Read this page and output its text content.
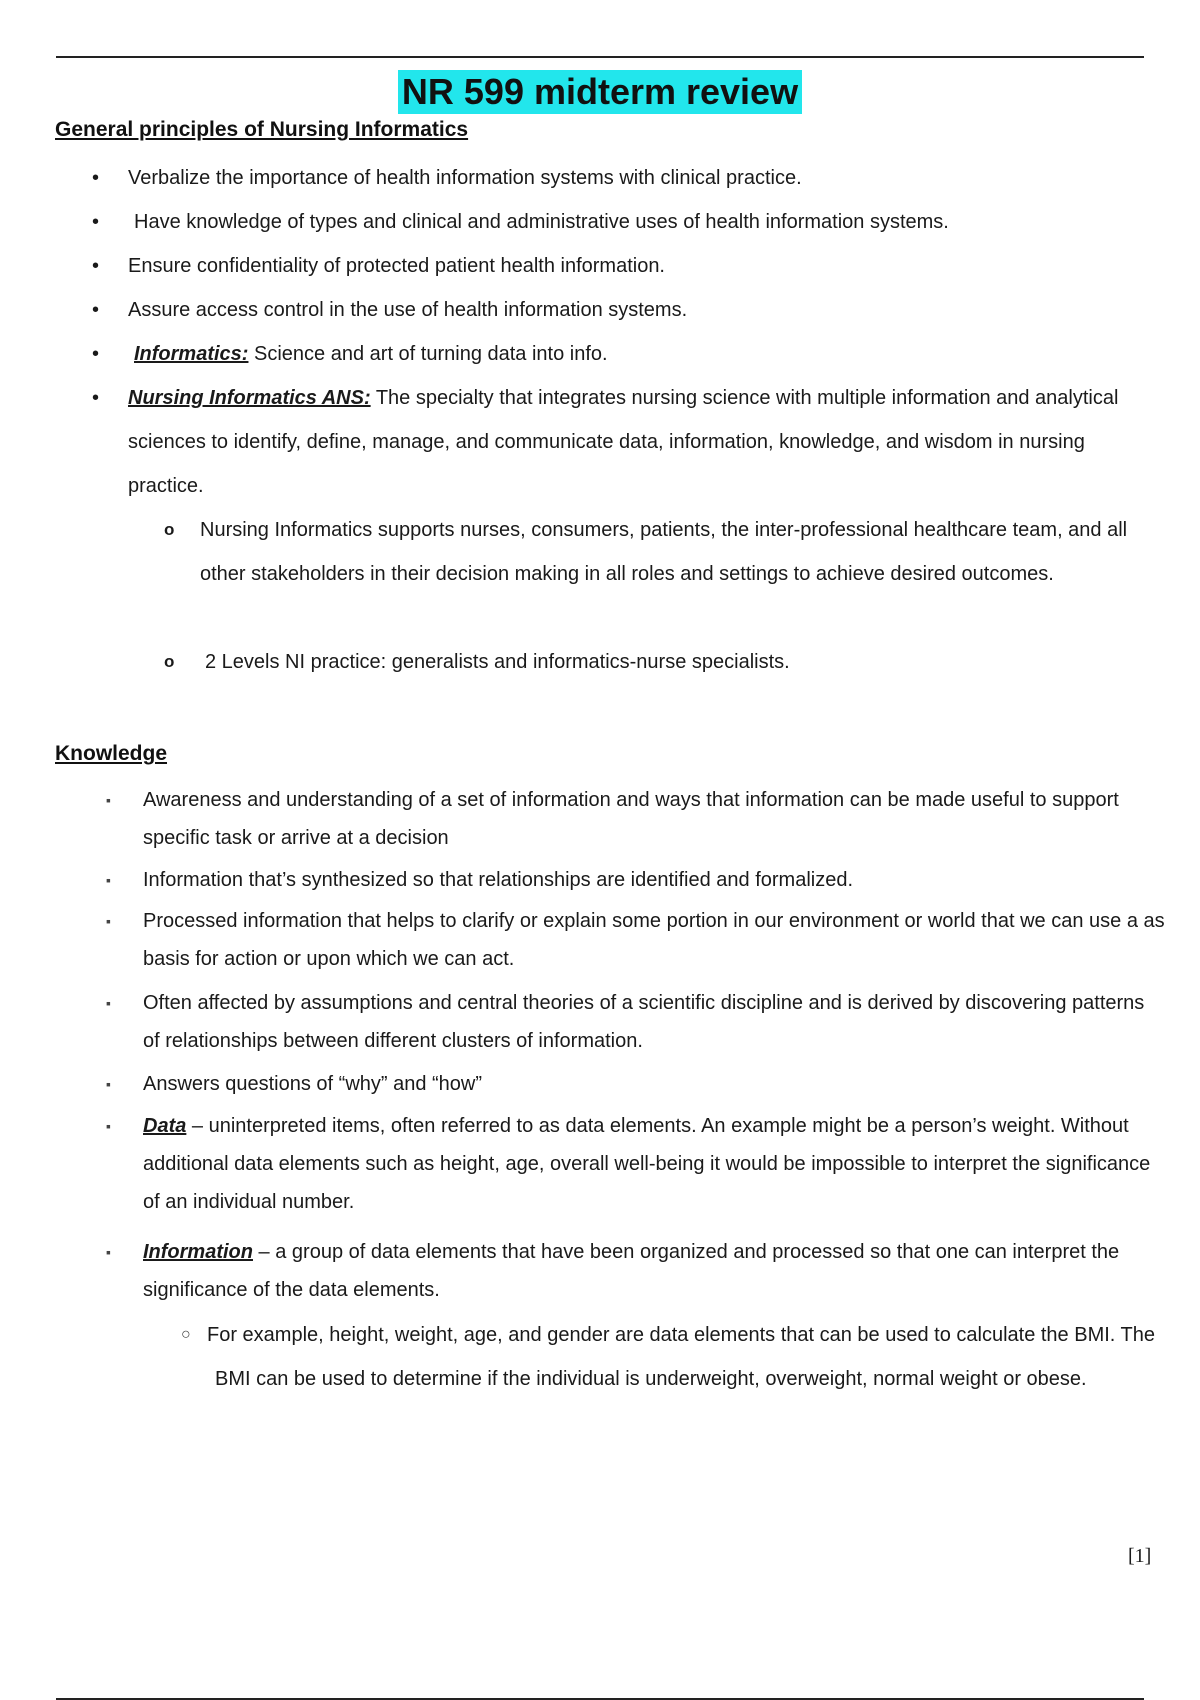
NR 599 midterm review
General principles of Nursing Informatics
• Verbalize the importance of health information systems with clinical practice.
• Have knowledge of types and clinical and administrative uses of health information systems.
• Ensure confidentiality of protected patient health information.
• Assure access control in the use of health information systems.
• Informatics: Science and art of turning data into info.
• Nursing Informatics ANS: The specialty that integrates nursing science with multiple information and analytical sciences to identify, define, manage, and communicate data, information, knowledge, and wisdom in nursing practice.
o Nursing Informatics supports nurses, consumers, patients, the inter-professional healthcare team, and all other stakeholders in their decision making in all roles and settings to achieve desired outcomes.
o 2 Levels NI practice: generalists and informatics-nurse specialists.
Knowledge
▪ Awareness and understanding of a set of information and ways that information can be made useful to support specific task or arrive at a decision
▪ Information that’s synthesized so that relationships are identified and formalized.
▪ Processed information that helps to clarify or explain some portion in our environment or world that we can use a as basis for action or upon which we can act.
▪ Often affected by assumptions and central theories of a scientific discipline and is derived by discovering patterns of relationships between different clusters of information.
▪ Answers questions of “why” and “how”
▪ Data – uninterpreted items, often referred to as data elements. An example might be a person’s weight. Without additional data elements such as height, age, overall well-being it would be impossible to interpret the significance of an individual number.
▪ Information – a group of data elements that have been organized and processed so that one can interpret the significance of the data elements.
○ For example, height, weight, age, and gender are data elements that can be used to calculate the BMI. The BMI can be used to determine if the individual is underweight, overweight, normal weight or obese.
[1]
